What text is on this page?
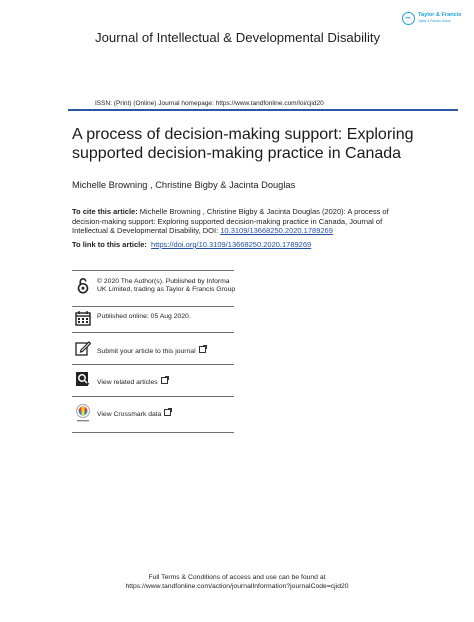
Journal of Intellectual & Developmental Disability
Taylor & Francis
Taylor & Francis Group
ISSN: (Print) (Online) Journal homepage: https://www.tandfonline.com/loi/cjid20
A process of decision-making support: Exploring supported decision-making practice in Canada
Michelle Browning , Christine Bigby & Jacinta Douglas
To cite this article: Michelle Browning , Christine Bigby & Jacinta Douglas (2020): A process of decision-making support: Exploring supported decision-making practice in Canada, Journal of Intellectual & Developmental Disability, DOI: 10.3109/13668250.2020.1789269
To link to this article: https://doi.org/10.3109/13668250.2020.1789269
© 2020 The Author(s). Published by Informa UK Limited, trading as Taylor & Francis Group
Published online: 05 Aug 2020.
Submit your article to this journal
View related articles
View Crossmark data
Full Terms & Conditions of access and use can be found at
https://www.tandfonline.com/action/journalInformation?journalCode=cjid20
